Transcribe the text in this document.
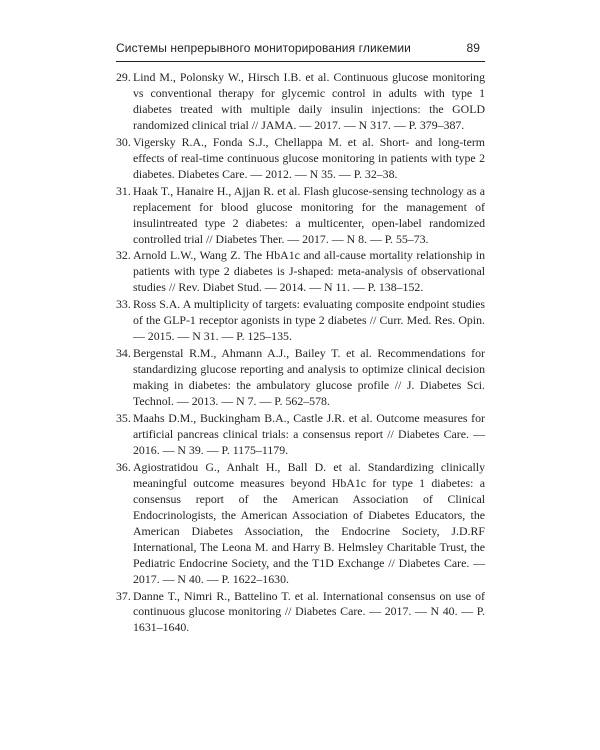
Системы непрерывного мониторирования гликемии	89
29. Lind M., Polonsky W., Hirsch I.B. et al. Continuous glucose monitoring vs conventional therapy for glycemic control in adults with type 1 diabetes treated with multiple daily insulin injections: the GOLD randomized clinical trial // JAMA. — 2017. — N 317. — P. 379–387.
30. Vigersky R.A., Fonda S.J., Chellappa M. et al. Short- and long-term effects of real-time continuous glucose monitoring in patients with type 2 diabetes. Diabetes Care. — 2012. — N 35. — P. 32–38.
31. Haak T., Hanaire H., Ajjan R. et al. Flash glucose-sensing technology as a replacement for blood glucose monitoring for the management of insulintreated type 2 diabetes: a multicenter, open-label randomized controlled trial // Diabetes Ther. — 2017. — N 8. — P. 55–73.
32. Arnold L.W., Wang Z. The HbA1c and all-cause mortality relationship in patients with type 2 diabetes is J-shaped: meta-analysis of observational studies // Rev. Diabet Stud. — 2014. — N 11. — P. 138–152.
33. Ross S.A. A multiplicity of targets: evaluating composite endpoint studies of the GLP-1 receptor agonists in type 2 diabetes // Curr. Med. Res. Opin. — 2015. — N 31. — P. 125–135.
34. Bergenstal R.M., Ahmann A.J., Bailey T. et al. Recommendations for standardizing glucose reporting and analysis to optimize clinical decision making in diabetes: the ambulatory glucose profile // J. Diabetes Sci. Technol. — 2013. — N 7. — P. 562–578.
35. Maahs D.M., Buckingham B.A., Castle J.R. et al. Outcome measures for artificial pancreas clinical trials: a consensus report // Diabetes Care. — 2016. — N 39. — P. 1175–1179.
36. Agiostratidou G., Anhalt H., Ball D. et al. Standardizing clinically meaningful outcome measures beyond HbA1c for type 1 diabetes: a consensus report of the American Association of Clinical Endocrinologists, the American Association of Diabetes Educators, the American Diabetes Association, the Endocrine Society, J.D.RF International, The Leona M. and Harry B. Helmsley Charitable Trust, the Pediatric Endocrine Society, and the T1D Exchange // Diabetes Care. — 2017. — N 40. — P. 1622–1630.
37. Danne T., Nimri R., Battelino T. et al. International consensus on use of continuous glucose monitoring // Diabetes Care. — 2017. — N 40. — P. 1631–1640.
